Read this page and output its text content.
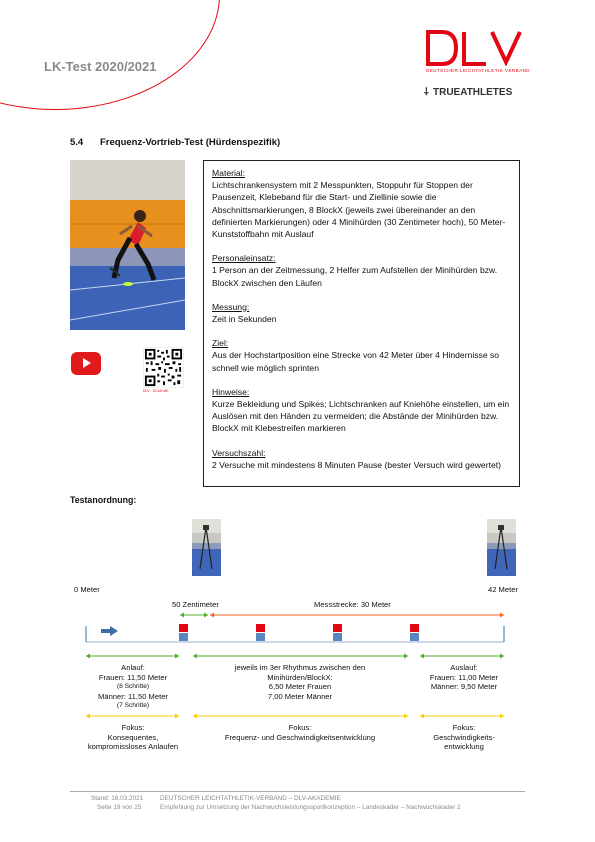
LK-Test 2020/2021	DEUTSCHER LEICHTATHLETIK-VERBAND
⸸ TRUEATHLETES
5.4 Frequenz-Vortrieb-Test (Hürdenspezifik)
DLV · SCAN ME
Material:
Lichtschrankensystem mit 2 Messpunkten, Stoppuhr für Stoppen der Pausenzeit, Klebeband für die Start- und Ziellinie sowie die Abschnittsmarkierungen, 8 BlockX (jeweils zwei übereinander an den definierten Markierungen) oder 4 Minihürden (30 Zentimeter hoch), 50 Meter-Kunststoffbahn mit Auslauf
Personaleinsatz:
1 Person an der Zeitmessung, 2 Helfer zum Aufstellen der Minihürden bzw. BlockX zwischen den Läufen
Messung:
Zeit in Sekunden
Ziel:
Aus der Hochstartposition eine Strecke von 42 Meter über 4 Hindernisse so schnell wie möglich sprinten
Hinweise:
Kurze Bekleidung und Spikes; Lichtschranken auf Kniehöhe einstellen, um ein Auslösen mit den Händen zu vermeiden; die Abstände der Minihürden bzw. BlockX mit Klebestreifen markieren
Versuchszahl:
2 Versuche mit mindestens 8 Minuten Pause (bester Versuch wird gewertet)
Testanordnung:
0 Meter	42 Meter
50 Zentimeter	Messstrecke: 30 Meter
Anlauf:
Frauen: 11,50 Meter
(8 Schritte)
Männer: 11,50 Meter
(7 Schritte)
jeweils im 3er Rhythmus zwischen den
Minihürden/BlockX:
6,50 Meter Frauen
7,00 Meter Männer
Auslauf:
Frauen: 11,00 Meter
Männer: 9,50 Meter
Fokus:
Konsequentes,
kompromissloses Anlaufen
Fokus:
Frequenz- und Geschwindigkeitsentwicklung
Fokus:
Geschwindigkeits-
entwicklung
Stand: 16.03.2021	DEUTSCHER LEICHTATHLETIK-VERBAND – DLV-AKADEMIE
Seite 19 von 25	Empfehlung zur Umsetzung der Nachwuchsleistungssportkonzeption – Landeskader – Nachwuchskader 2
